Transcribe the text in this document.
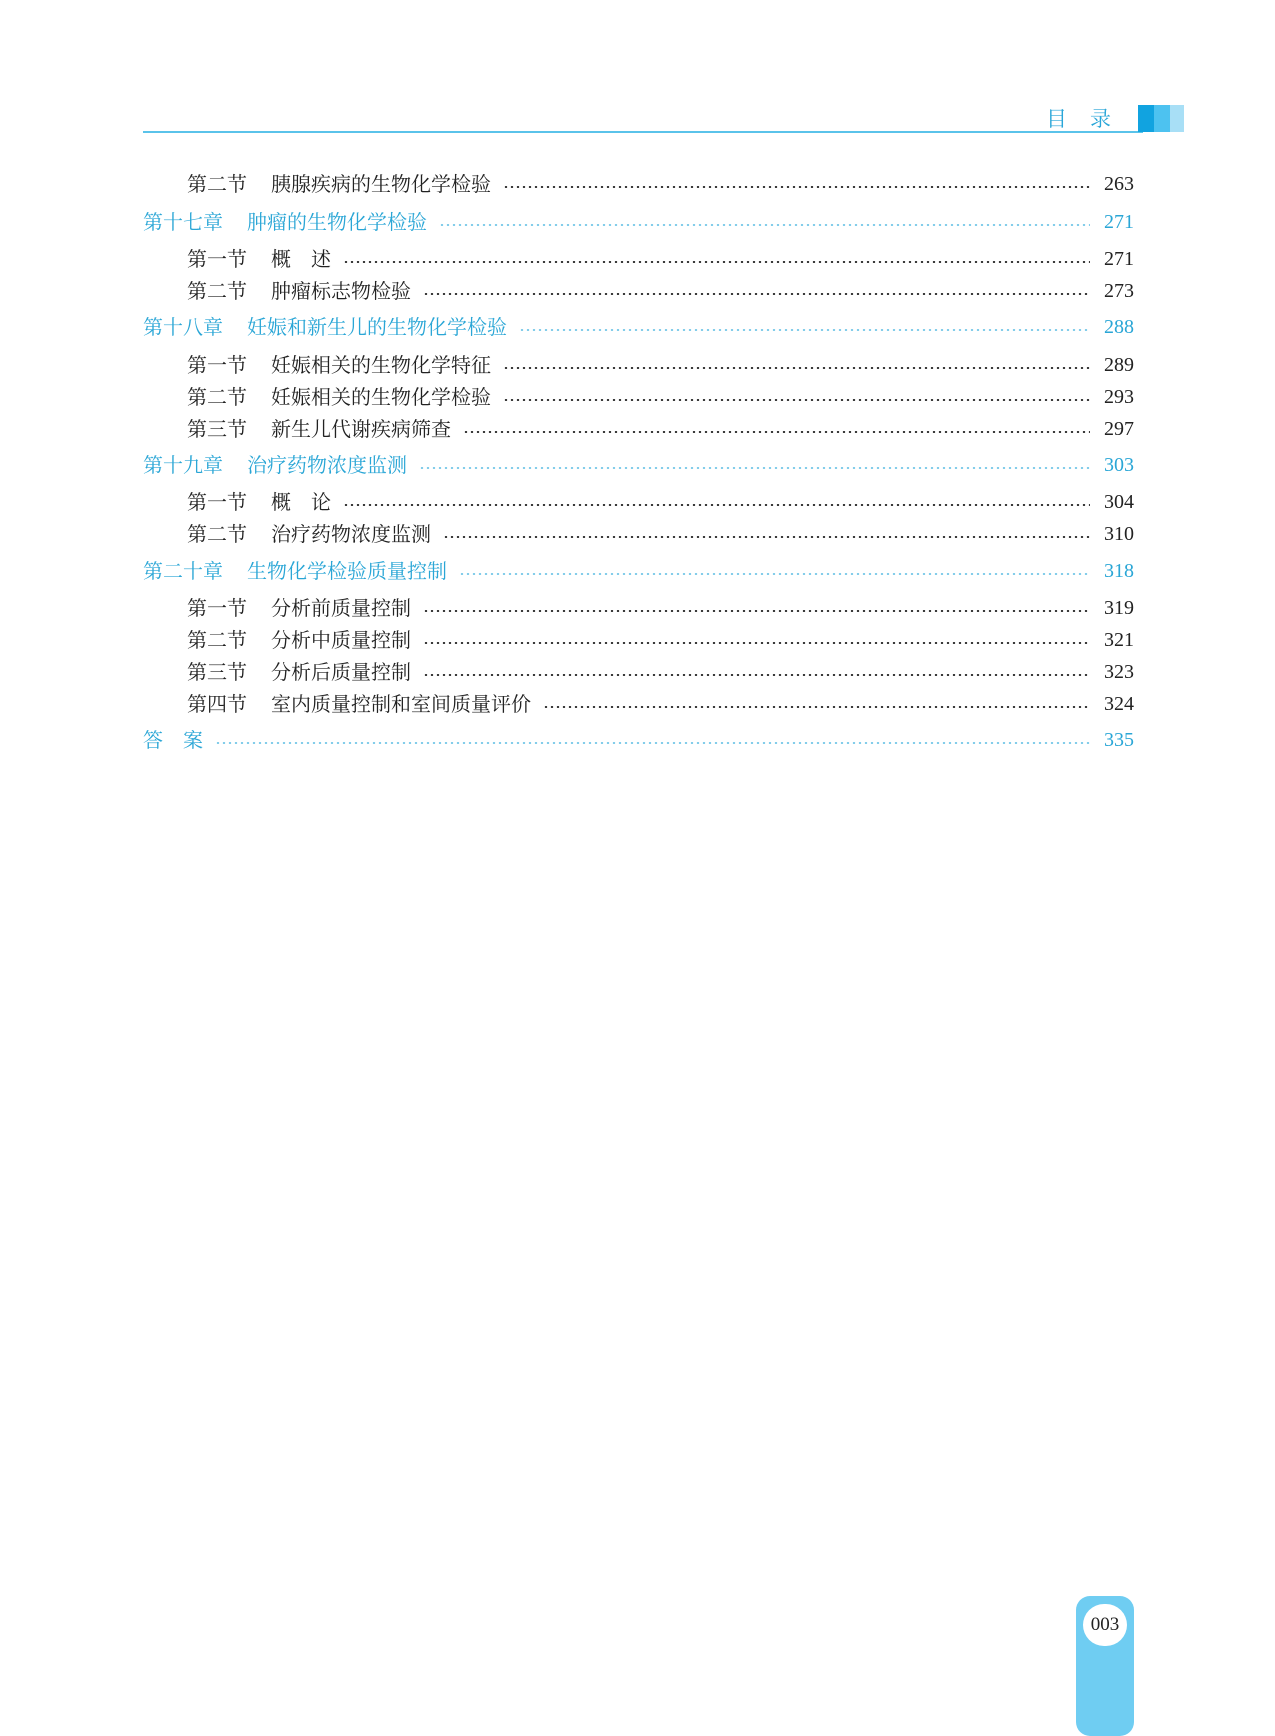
目　录
第二节 胰腺疾病的生物化学检验	263
第十七章 肿瘤的生物化学检验	271
第一节 概　述	271
第二节 肿瘤标志物检验	273
第十八章 妊娠和新生儿的生物化学检验	288
第一节 妊娠相关的生物化学特征	289
第二节 妊娠相关的生物化学检验	293
第三节 新生儿代谢疾病筛查	297
第十九章 治疗药物浓度监测	303
第一节 概　论	304
第二节 治疗药物浓度监测	310
第二十章 生物化学检验质量控制	318
第一节 分析前质量控制	319
第二节 分析中质量控制	321
第三节 分析后质量控制	323
第四节 室内质量控制和室间质量评价	324
答　案	335
003
